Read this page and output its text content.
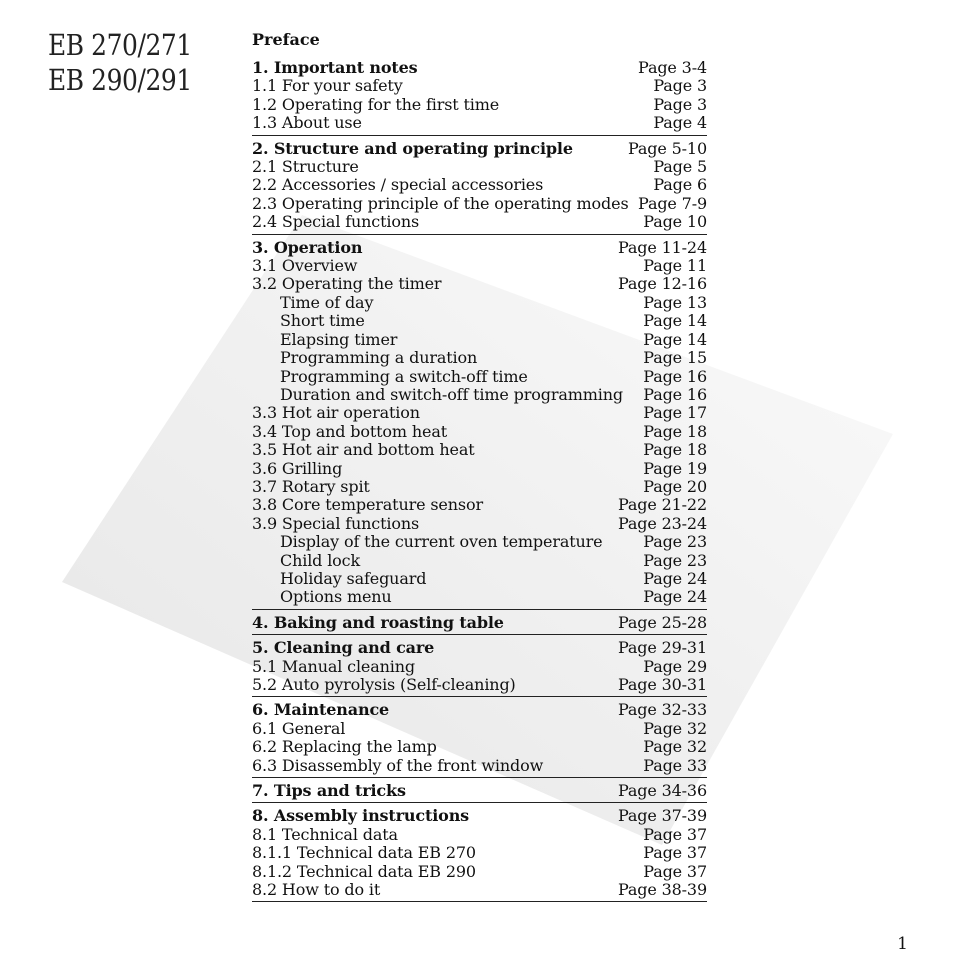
EB 270/271
EB 290/291
Preface
1. Important notes	Page 3-4
1.1 For your safety	Page 3
1.2 Operating for the first time	Page 3
1.3 About use	Page 4
2. Structure and operating principle	Page 5-10
2.1 Structure	Page 5
2.2 Accessories / special accessories	Page 6
2.3 Operating principle of the operating modes Page 7-9
2.4 Special functions	Page 10
3. Operation	Page 11-24
3.1 Overview	Page 11
3.2 Operating the timer	Page 12-16
Time of day	Page 13
Short time	Page 14
Elapsing timer	Page 14
Programming a duration	Page 15
Programming a switch-off time	Page 16
Duration and switch-off time programming Page 16
3.3 Hot air operation	Page 17
3.4 Top and bottom heat	Page 18
3.5 Hot air and bottom heat	Page 18
3.6 Grilling	Page 19
3.7 Rotary spit	Page 20
3.8 Core temperature sensor	Page 21-22
3.9 Special functions	Page 23-24
Display of the current oven temperature	Page 23
Child lock	Page 23
Holiday safeguard	Page 24
Options menu	Page 24
4. Baking and roasting table	Page 25-28
5. Cleaning and care	Page 29-31
5.1 Manual cleaning	Page 29
5.2 Auto pyrolysis (Self-cleaning)	Page 30-31
6. Maintenance	Page 32-33
6.1 General	Page 32
6.2 Replacing the lamp	Page 32
6.3 Disassembly of the front window	Page 33
7. Tips and tricks	Page 34-36
8. Assembly instructions	Page 37-39
8.1 Technical data	Page 37
8.1.1 Technical data EB 270	Page 37
8.1.2 Technical data EB 290	Page 37
8.2 How to do it	Page 38-39
1
